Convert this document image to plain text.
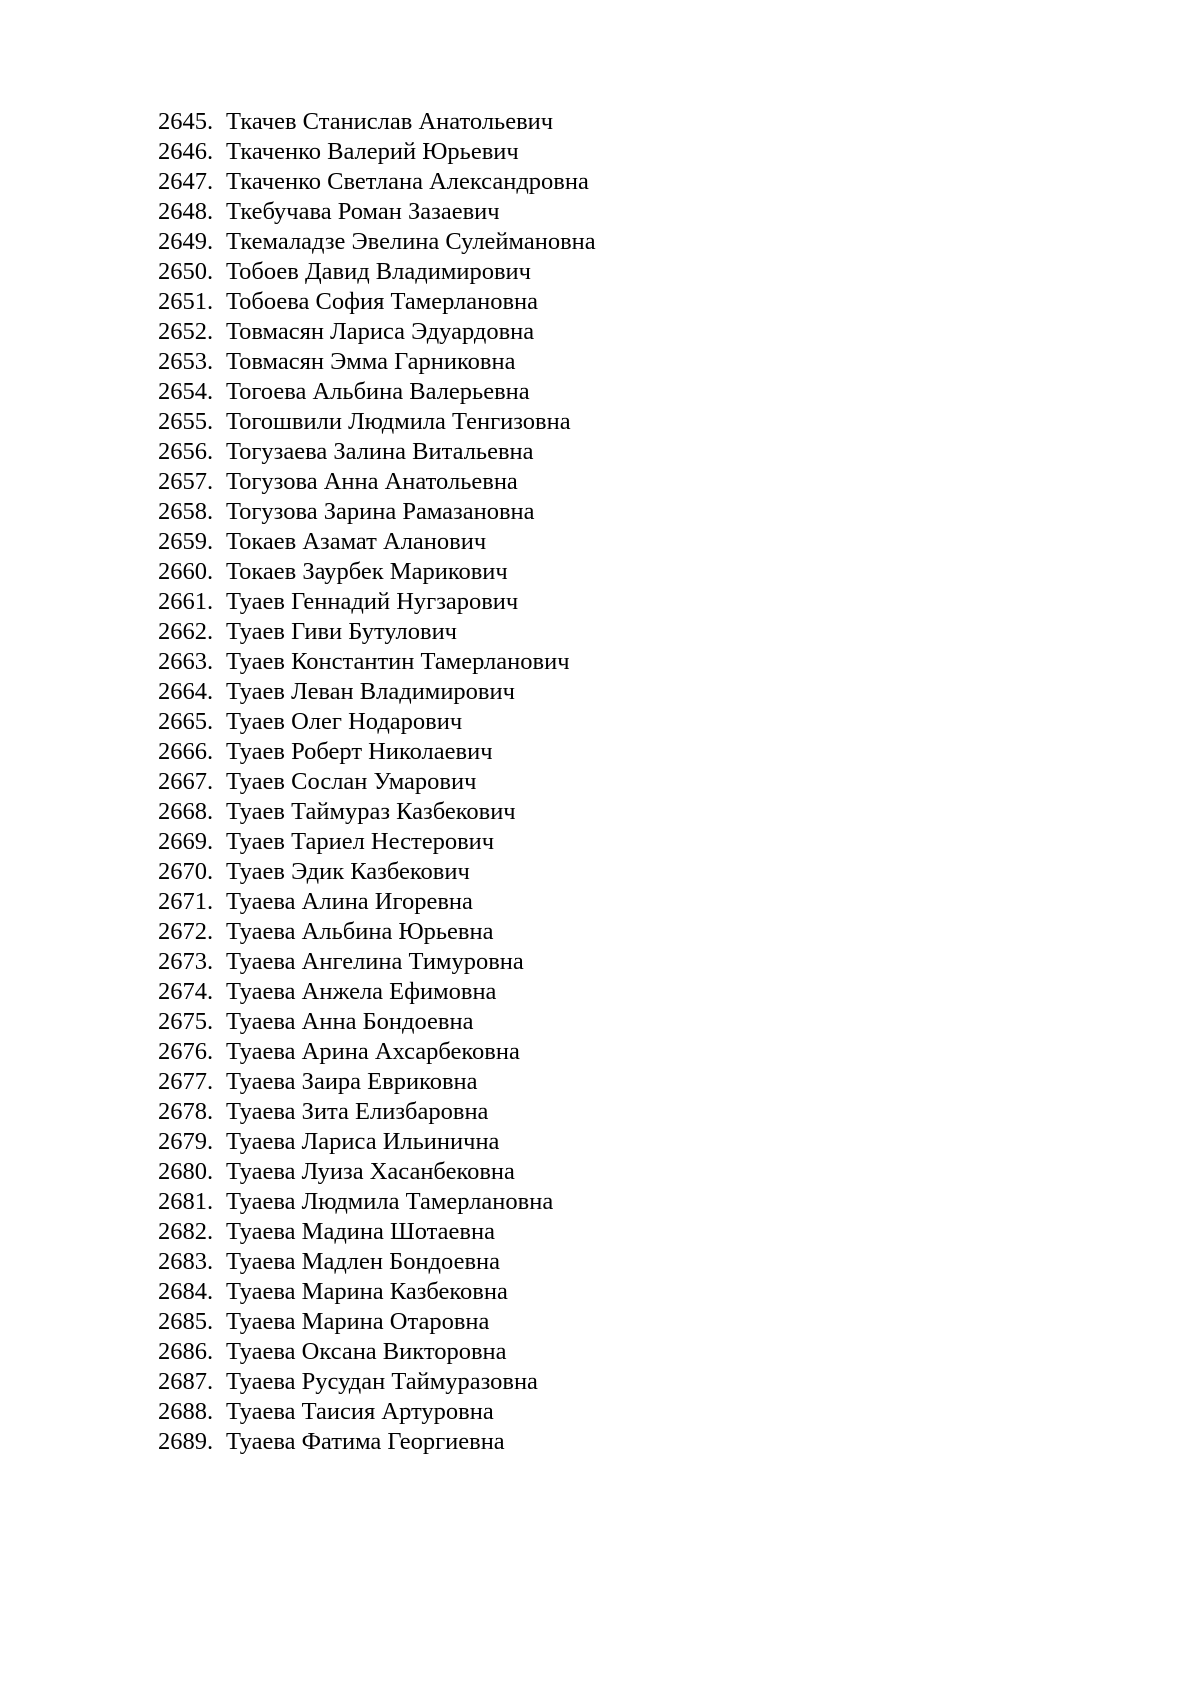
2645. Ткачев Станислав Анатольевич
2646. Ткаченко Валерий Юрьевич
2647. Ткаченко Светлана Александровна
2648. Ткебучава Роман Зазаевич
2649. Ткемаладзе Эвелина Сулеймановна
2650. Тобоев Давид Владимирович
2651. Тобоева София Тамерлановна
2652. Товмасян Лариса Эдуардовна
2653. Товмасян Эмма Гарниковна
2654. Тогоева Альбина Валерьевна
2655. Тогошвили Людмила Тенгизовна
2656. Тогузаева Залина Витальевна
2657. Тогузова Анна Анатольевна
2658. Тогузова Зарина Рамазановна
2659. Токаев Азамат Аланович
2660. Токаев Заурбек Марикович
2661. Туаев Геннадий Нугзарович
2662. Туаев Гиви Бутулович
2663. Туаев Константин Тамерланович
2664. Туаев Леван Владимирович
2665. Туаев Олег Нодарович
2666. Туаев Роберт Николаевич
2667. Туаев Сослан Умарович
2668. Туаев Таймураз Казбекович
2669. Туаев Тариел Нестерович
2670. Туаев Эдик Казбекович
2671. Туаева Алина Игоревна
2672. Туаева Альбина Юрьевна
2673. Туаева Ангелина Тимуровна
2674. Туаева Анжела Ефимовна
2675. Туаева Анна Бондоевна
2676. Туаева Арина Ахсарбековна
2677. Туаева Заира Евриковна
2678. Туаева Зита Елизбаровна
2679. Туаева Лариса Ильинична
2680. Туаева Луиза Хасанбековна
2681. Туаева Людмила Тамерлановна
2682. Туаева Мадина Шотаевна
2683. Туаева Мадлен Бондоевна
2684. Туаева Марина Казбековна
2685. Туаева Марина Отаровна
2686. Туаева Оксана Викторовна
2687. Туаева Русудан Таймуразовна
2688. Туаева Таисия Артуровна
2689. Туаева Фатима Георгиевна
